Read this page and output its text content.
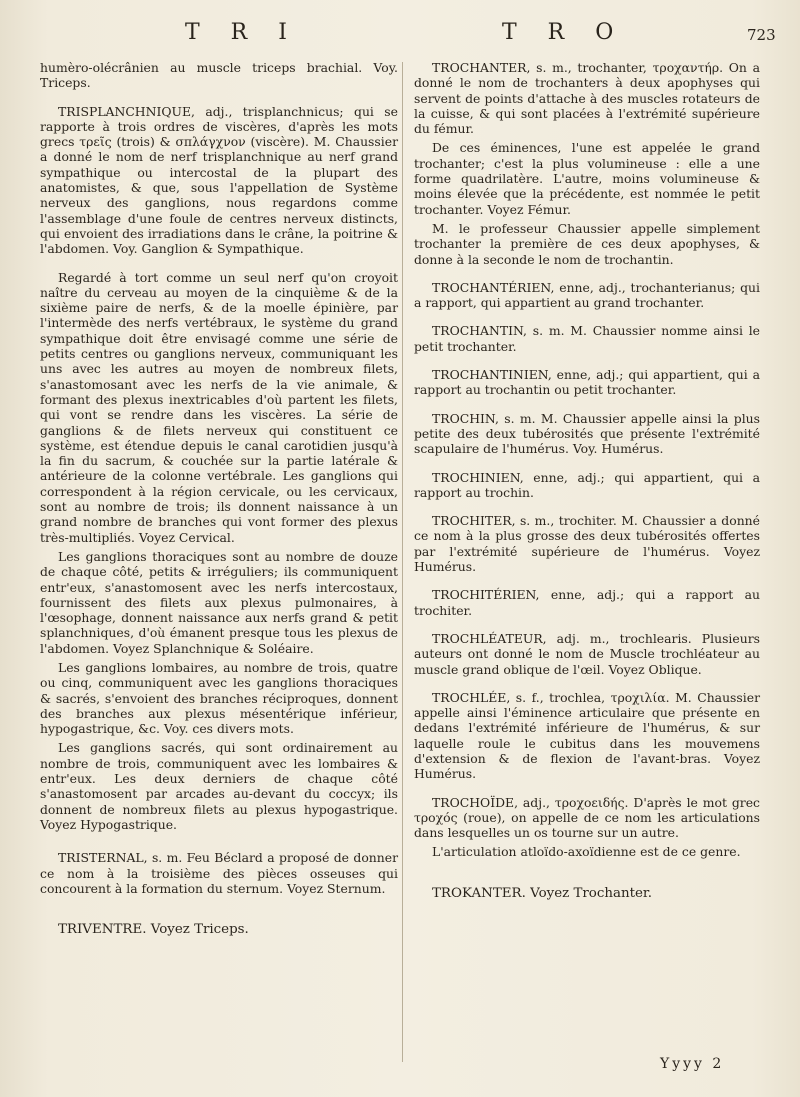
T R I	T R O	723

humèro-olécrânien au muscle triceps brachial. Voy. Triceps.

TRISPLANCHNIQUE, adj., trisplanchnicus; qui se rapporte à trois ordres de viscères, d'après les mots grecs τρεῖς (trois) & σπλάγχνον (viscère). M. Chaussier a donné le nom de nerf trisplanchnique au nerf grand sympathique ou intercostal de la plupart des anatomistes, & que, sous l'appellation de Système nerveux des ganglions, nous regardons comme l'assemblage d'une foule de centres nerveux distincts, qui envoient des irradiations dans le crâne, la poitrine & l'abdomen. Voy. Ganglion & Sympathique.

Regardé à tort comme un seul nerf qu'on croyoit naître du cerveau au moyen de la cinquième & de la sixième paire de nerfs, & de la moelle épinière, par l'intermède des nerfs vertébraux, le système du grand sympathique doit être envisagé comme une série de petits centres ou ganglions nerveux, communiquant les uns avec les autres au moyen de nombreux filets, s'anastomosant avec les nerfs de la vie animale, & formant des plexus inextricables d'où partent les filets, qui vont se rendre dans les viscères. La série de ganglions & de filets nerveux qui constituent ce système, est étendue depuis le canal carotidien jusqu'à la fin du sacrum, & couchée sur la partie latérale & antérieure de la colonne vertébrale. Les ganglions qui correspondent à la région cervicale, ou les cervicaux, sont au nombre de trois; ils donnent naissance à un grand nombre de branches qui vont former des plexus très-multipliés. Voyez Cervical.

Les ganglions thoraciques sont au nombre de douze de chaque côté, petits & irréguliers; ils communiquent entr'eux, s'anastomosent avec les nerfs intercostaux, fournissent des filets aux plexus pulmonaires, à l'œsophage, donnent naissance aux nerfs grand & petit splanchniques, d'où émanent presque tous les plexus de l'abdomen. Voyez Splanchnique & Soléaire.

Les ganglions lombaires, au nombre de trois, quatre ou cinq, communiquent avec les ganglions thoraciques & sacrés, s'envoient des branches réciproques, donnent des branches aux plexus mésentérique inférieur, hypogastrique, &c. Voy. ces divers mots.

Les ganglions sacrés, qui sont ordinairement au nombre de trois, communiquent avec les lombaires & entr'eux. Les deux derniers de chaque côté s'anastomosent par arcades au-devant du coccyx; ils donnent de nombreux filets au plexus hypogastrique. Voyez Hypogastrique.

TRISTERNAL, s. m. Feu Béclard a proposé de donner ce nom à la troisième des pièces osseuses qui concourent à la formation du sternum. Voyez Sternum.

TRIVENTRE. Voyez Triceps.

TROCHANTER, s. m., trochanter, τροχαντήρ. On a donné le nom de trochanters à deux apophyses qui servent de points d'attache à des muscles rotateurs de la cuisse, & qui sont placées à l'extrémité supérieure du fémur.

De ces éminences, l'une est appelée le grand trochanter; c'est la plus volumineuse : elle a une forme quadrilatère. L'autre, moins volumineuse & moins élevée que la précédente, est nommée le petit trochanter. Voyez Fémur.

M. le professeur Chaussier appelle simplement trochanter la première de ces deux apophyses, & donne à la seconde le nom de trochantin.

TROCHANTÉRIEN, enne, adj., trochanterianus; qui a rapport, qui appartient au grand trochanter.

TROCHANTIN, s. m. M. Chaussier nomme ainsi le petit trochanter.

TROCHANTINIEN, enne, adj.; qui appartient, qui a rapport au trochantin ou petit trochanter.

TROCHIN, s. m. M. Chaussier appelle ainsi la plus petite des deux tubérosités que présente l'extrémité scapulaire de l'humérus. Voy. Humérus.

TROCHINIEN, enne, adj.; qui appartient, qui a rapport au trochin.

TROCHITER, s. m., trochiter. M. Chaussier a donné ce nom à la plus grosse des deux tubérosités offertes par l'extrémité supérieure de l'humérus. Voyez Humérus.

TROCHITÉRIEN, enne, adj.; qui a rapport au trochiter.

TROCHLÉATEUR, adj. m., trochlearis. Plusieurs auteurs ont donné le nom de Muscle trochléateur au muscle grand oblique de l'œil. Voyez Oblique.

TROCHLÉE, s. f., trochlea, τροχιλία. M. Chaussier appelle ainsi l'éminence articulaire que présente en dedans l'extrémité inférieure de l'humérus, & sur laquelle roule le cubitus dans les mouvemens d'extension & de flexion de l'avant-bras. Voyez Humérus.

TROCHOÏDE, adj., τροχοειδής. D'après le mot grec τροχός (roue), on appelle de ce nom les articulations dans lesquelles un os tourne sur un autre.

L'articulation atloïdo-axoïdienne est de ce genre.

TROKANTER. Voyez Trochanter.

Yyyy 2
